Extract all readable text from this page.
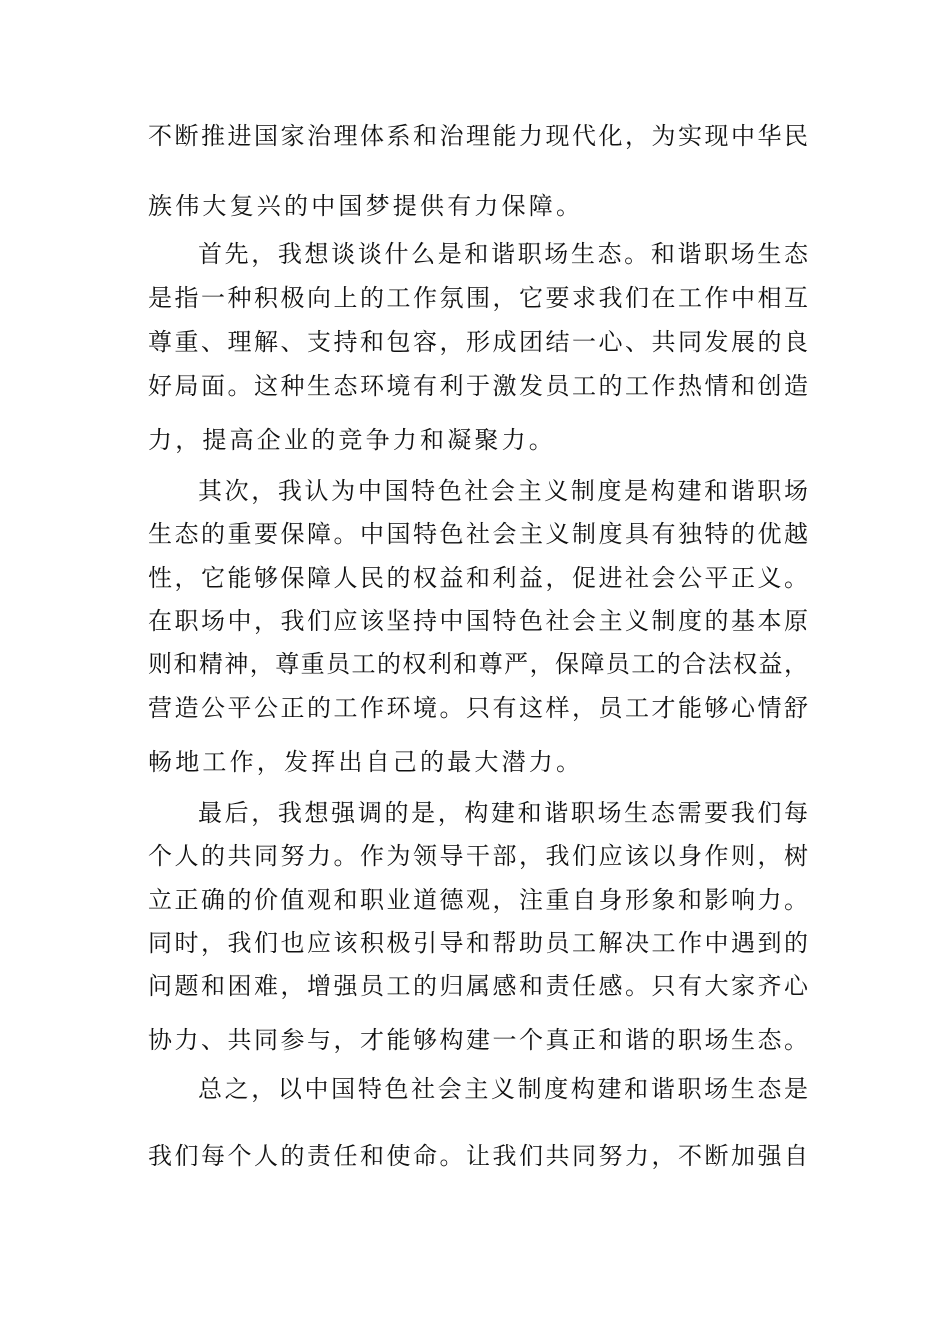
不断推进国家治理体系和治理能力现代化，为实现中华民
族伟大复兴的中国梦提供有力保障。
首先，我想谈谈什么是和谐职场生态。和谐职场生态
是指一种积极向上的工作氛围，它要求我们在工作中相互
尊重、理解、支持和包容，形成团结一心、共同发展的良
好局面。这种生态环境有利于激发员工的工作热情和创造
力，提高企业的竞争力和凝聚力。
其次，我认为中国特色社会主义制度是构建和谐职场
生态的重要保障。中国特色社会主义制度具有独特的优越
性，它能够保障人民的权益和利益，促进社会公平正义。
在职场中，我们应该坚持中国特色社会主义制度的基本原
则和精神，尊重员工的权利和尊严，保障员工的合法权益，
营造公平公正的工作环境。只有这样，员工才能够心情舒
畅地工作，发挥出自己的最大潜力。
最后，我想强调的是，构建和谐职场生态需要我们每
个人的共同努力。作为领导干部，我们应该以身作则，树
立正确的价值观和职业道德观，注重自身形象和影响力。
同时，我们也应该积极引导和帮助员工解决工作中遇到的
问题和困难，增强员工的归属感和责任感。只有大家齐心
协力、共同参与，才能够构建一个真正和谐的职场生态。
总之，以中国特色社会主义制度构建和谐职场生态是
我们每个人的责任和使命。让我们共同努力，不断加强自
